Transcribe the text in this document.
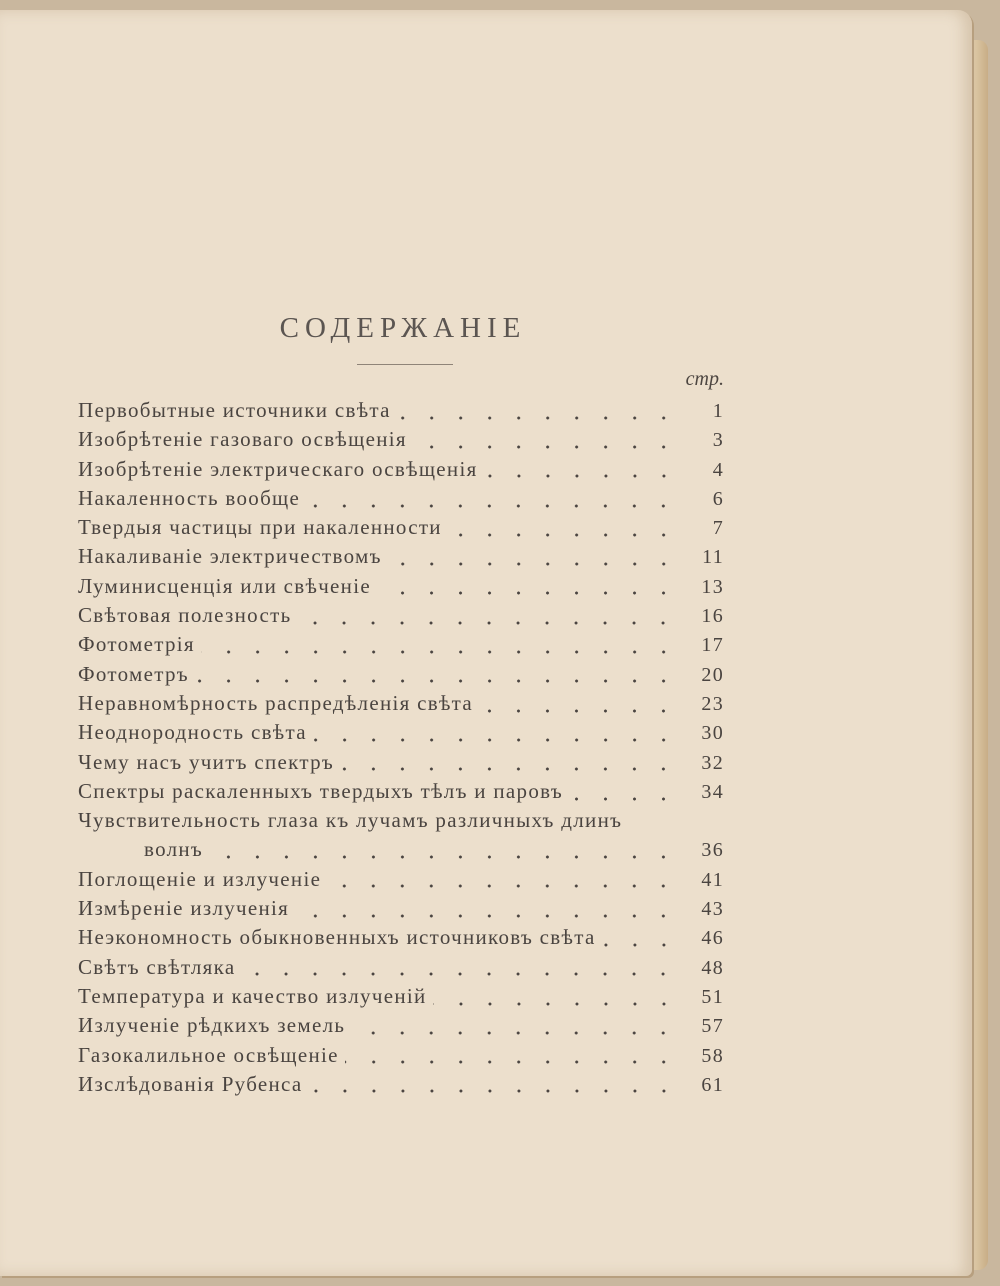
СОДЕРЖАНІЕ
стр.
Первобытные источники свѣта	1
Изобрѣтеніе газоваго освѣщенія	3
Изобрѣтеніе электрическаго освѣщенія	4
Накаленность вообще	6
Твердыя частицы при накаленности	7
Накаливаніе электричествомъ	11
Луминисценція или свѣченіе	13
Свѣтовая полезность	16
Фотометрія	17
Фотометръ	20
Неравномѣрность распредѣленія свѣта	23
Неоднородность свѣта	30
Чему насъ учитъ спектръ	32
Спектры раскаленныхъ твердыхъ тѣлъ и паровъ	34
Чувствительность глаза къ лучамъ различныхъ длинъ
волнъ	36
Поглощеніе и излученіе	41
Измѣреніе излученія	43
Неэкономность обыкновенныхъ источниковъ свѣта	46
Свѣтъ свѣтляка	48
Температура и качество излученій	51
Излученіе рѣдкихъ земель	57
Газокалильное освѣщеніе	58
Изслѣдованія Рубенса	61
